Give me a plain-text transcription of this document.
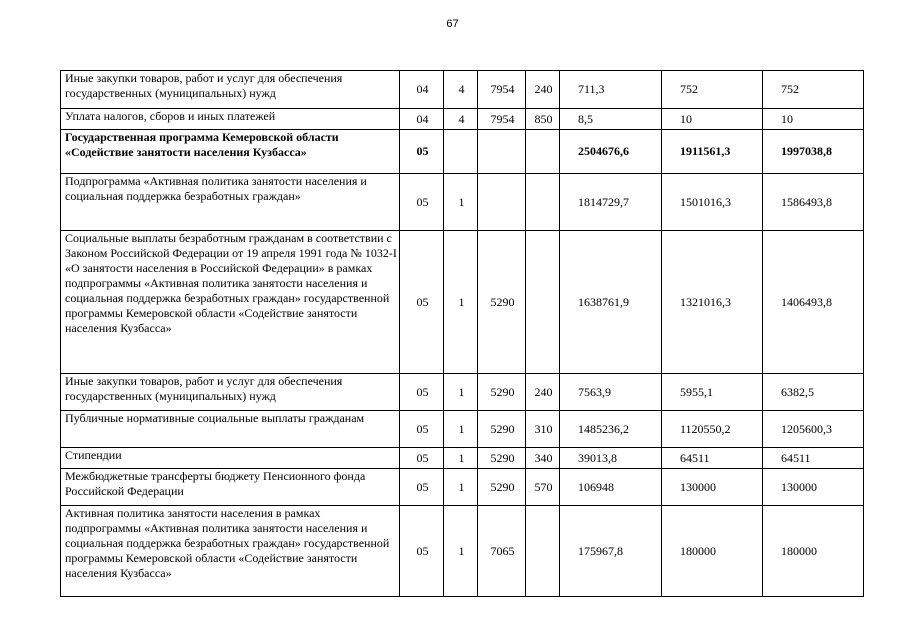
67
Иные закупки товаров, работ и услуг для обеспечения государственных (муниципальных) нужд	04	4	7954	240	711,3	752	752
Уплата налогов, сборов и иных платежей	04	4	7954	850	8,5	10	10
Государственная программа Кемеровской области «Содействие занятости населения Кузбасса»	05				2504676,6	1911561,3	1997038,8
Подпрограмма «Активная политика занятости населения и социальная поддержка безработных граждан»	05	1			1814729,7	1501016,3	1586493,8
Социальные выплаты безработным гражданам в соответствии с Законом Российской Федерации от 19 апреля 1991 года № 1032-I «О занятости населения в Российской Федерации» в рамках подпрограммы «Активная политика занятости населения и социальная поддержка безработных граждан» государственной программы Кемеровской области «Содействие занятости населения Кузбасса»	05	1	5290		1638761,9	1321016,3	1406493,8
Иные закупки товаров, работ и услуг для обеспечения государственных (муниципальных) нужд	05	1	5290	240	7563,9	5955,1	6382,5
Публичные нормативные социальные выплаты гражданам	05	1	5290	310	1485236,2	1120550,2	1205600,3
Стипендии	05	1	5290	340	39013,8	64511	64511
Межбюджетные трансферты бюджету Пенсионного фонда Российской Федерации	05	1	5290	570	106948	130000	130000
Активная политика занятости населения в рамках подпрограммы «Активная политика занятости населения и социальная поддержка безработных граждан» государственной программы Кемеровской области «Содействие занятости населения Кузбасса»	05	1	7065		175967,8	180000	180000
